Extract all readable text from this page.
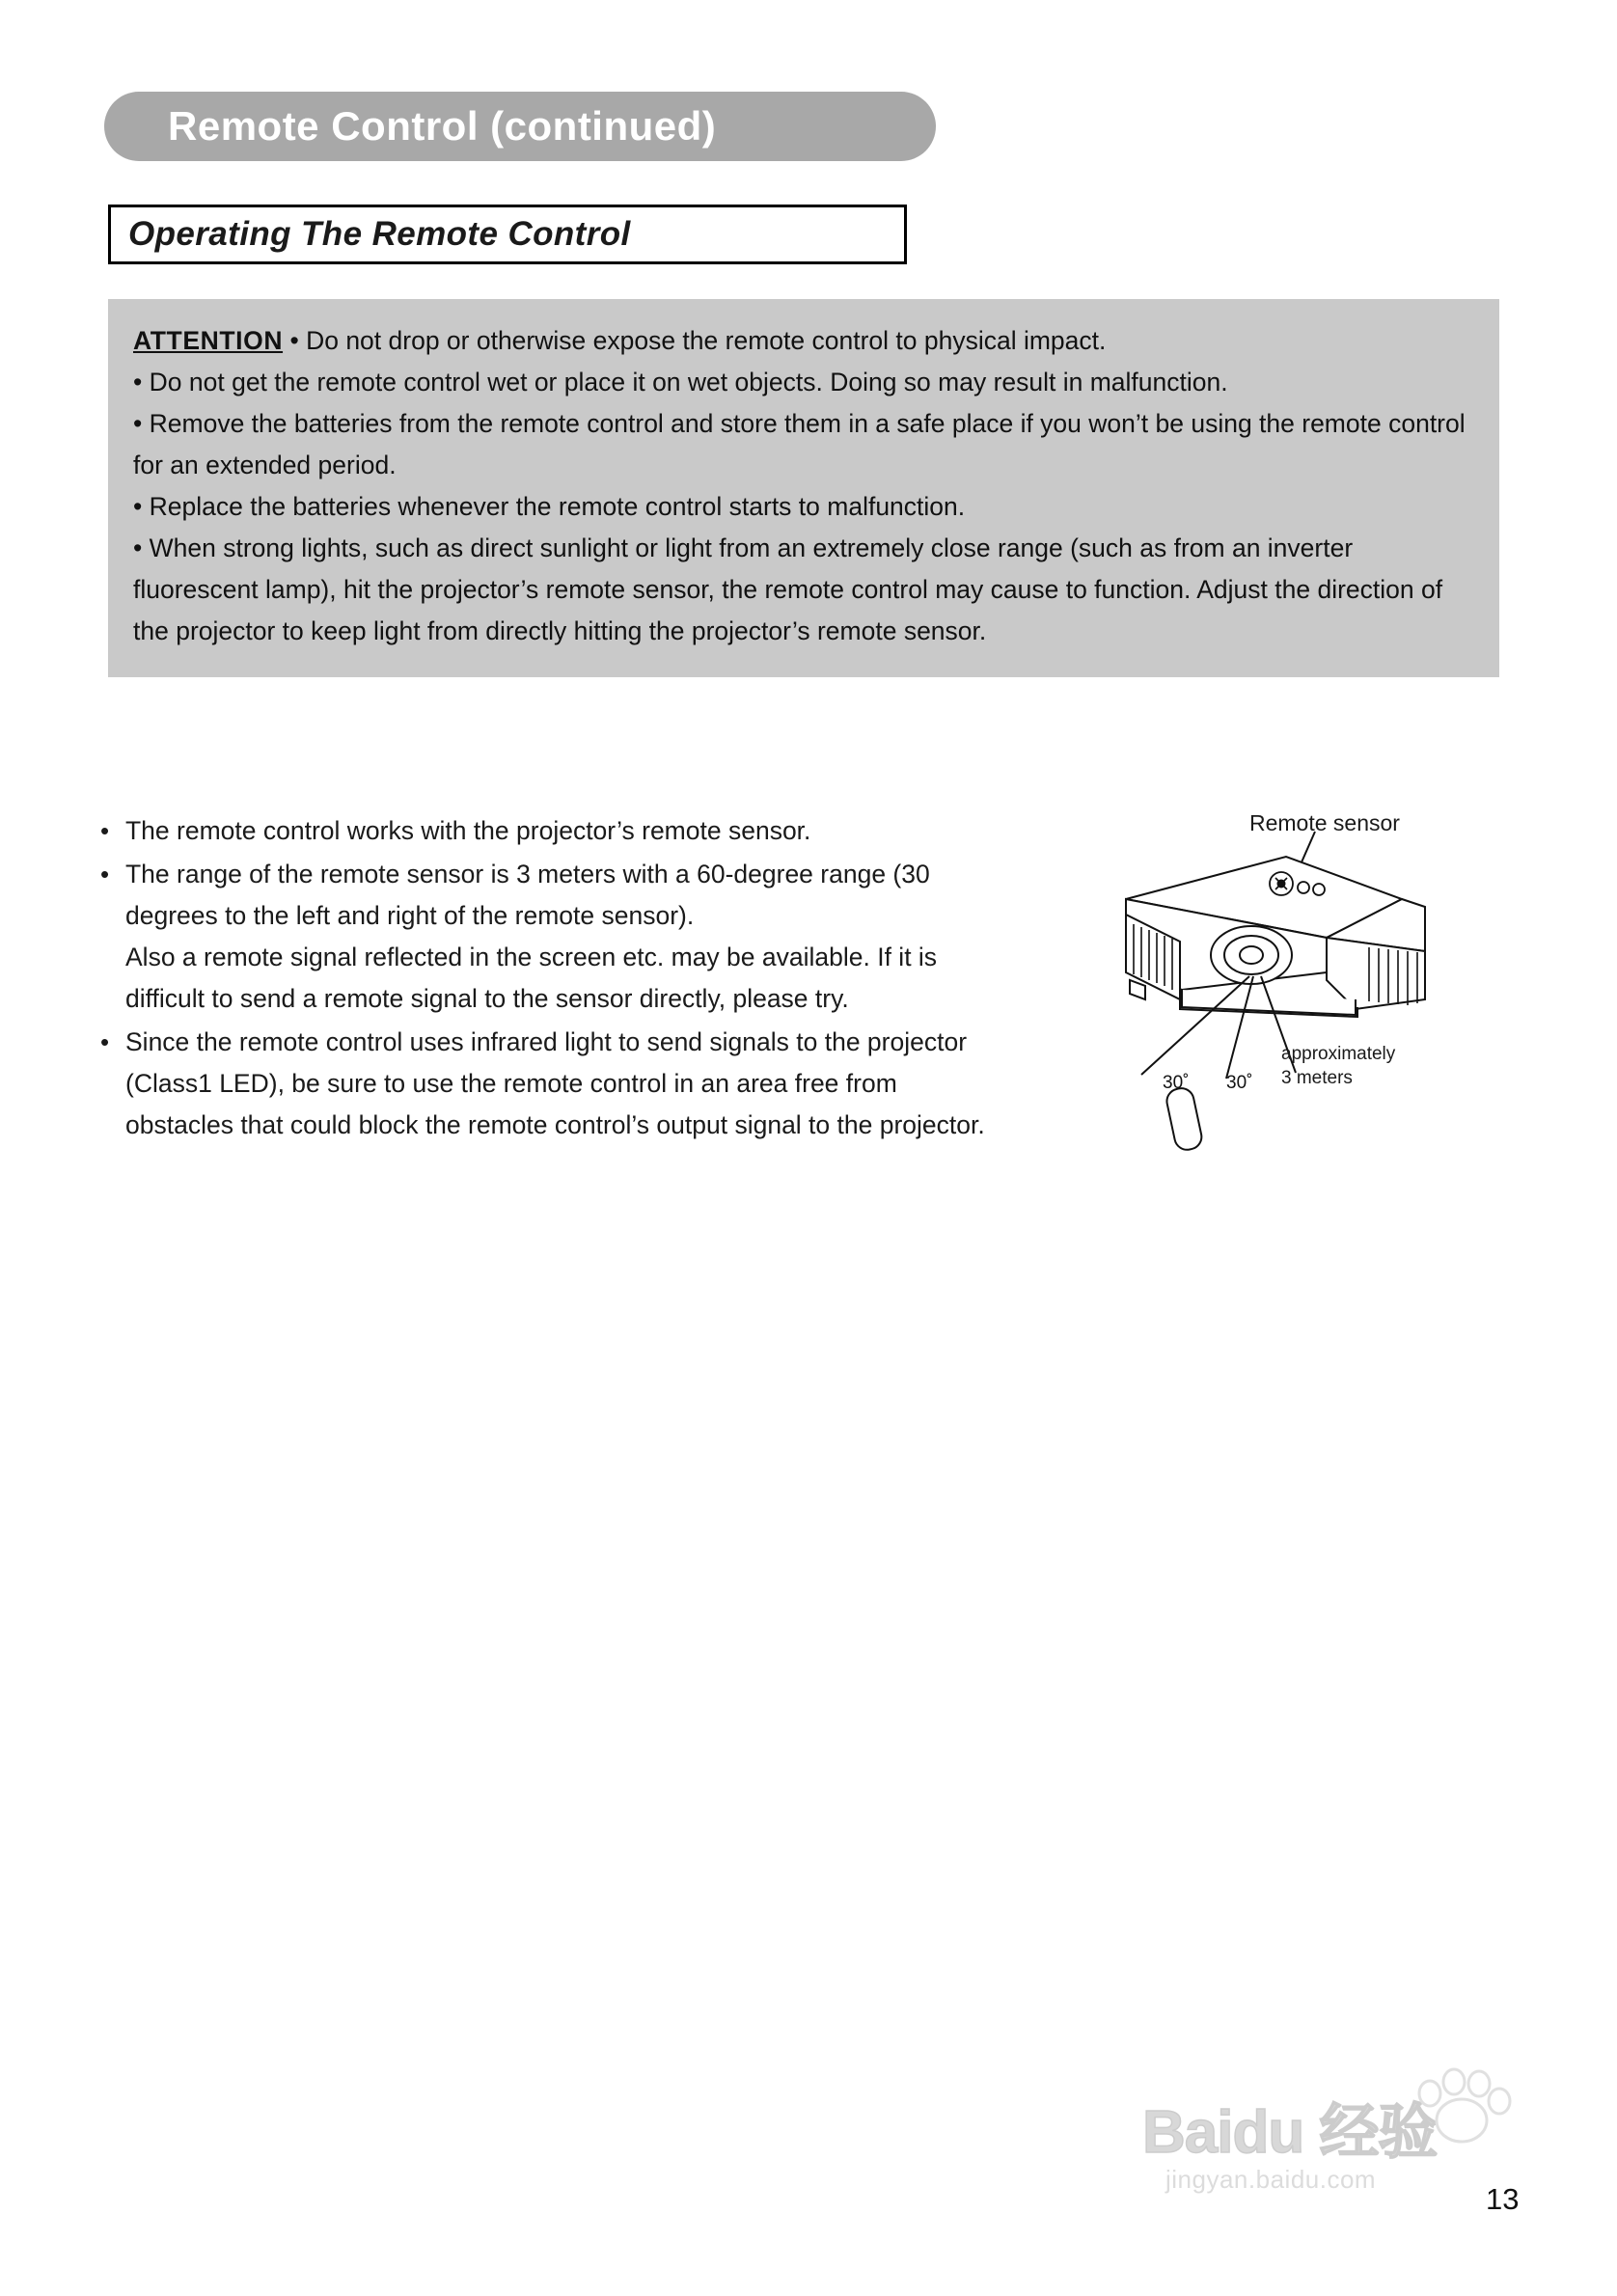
Remote Control (continued)
Operating The Remote Control

ATTENTION • Do not drop or otherwise expose the remote control to physical impact.

• Do not get the remote control wet or place it on wet objects. Doing so may result in malfunction.

• Remove the batteries from the remote control and store them in a safe place if you won’t be using the remote control for an extended period.

• Replace the batteries whenever the remote control starts to malfunction.

• When strong lights, such as direct sunlight or light from an extremely close range (such as from an inverter fluorescent lamp), hit the projector’s remote sensor, the remote control may cause to function. Adjust the direction of the projector to keep light from directly hitting the projector’s remote sensor.

• The remote control works with the projector’s remote sensor.
• The range of the remote sensor is 3 meters with a 60-degree range (30 degrees to the left and right of the remote sensor).
Also a remote signal reflected in the screen etc. may be available. If it is difficult to send a remote signal to the sensor directly, please try.
• Since the remote control uses infrared light to send signals to the projector (Class1 LED), be sure to use the remote control in an area free from obstacles that could block the remote control’s output signal to the projector.
Remote sensor
30˚ 30˚
approximately
3 meters
Baidu 经验
jingyan.baidu.com
13
